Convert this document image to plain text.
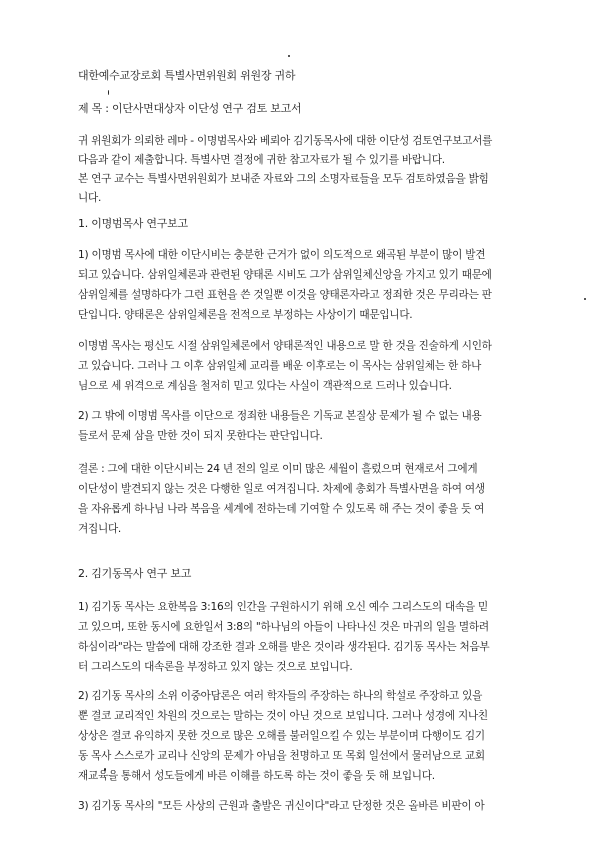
대한예수교장로회 특별사면위원회 위원장 귀하
제 목 : 이단사면대상자 이단성 연구 검토 보고서
귀 위원회가 의뢰한 레마 - 이명범목사와 베뢰아 김기동목사에 대한 이단성 검토연구보고서를
다음과 같이 제출합니다. 특별사면 결정에 귀한 참고자료가 될 수 있기를 바랍니다.
본 연구 교수는 특별사면위원회가 보내준 자료와 그의 소명자료들을 모두 검토하였음을 밝힘
니다.
1. 이명범목사 연구보고
1) 이명범 목사에 대한 이단시비는 충분한 근거가 없이 의도적으로 왜곡된 부분이 많이 발견
되고 있습니다. 삼위일체론과 관련된 양태론 시비도 그가 삼위일체신앙을 가지고 있기 때문에
삼위일체를 설명하다가 그런 표현을 쓴 것일뿐 이것을 양태론자라고 정죄한 것은 무리라는 판
단입니다. 양태론은 삼위일체론을 전적으로 부정하는 사상이기 때문입니다.
이명범 목사는 평신도 시절 삼위일체론에서 양태론적인 내용으로 말 한 것을 진술하게 시인하
고 있습니다. 그러나 그 이후 삼위일체 교리를 배운 이후로는 이 목사는 삼위일체는 한 하나
님으로 세 위격으로 계심을 철저히 믿고 있다는 사실이 객관적으로 드러나 있습니다.
2) 그 밖에 이명범 목사를 이단으로 정죄한 내용들은 기독교 본질상 문제가 될 수 없는 내용
들로서 문제 삼을 만한 것이 되지 못한다는 판단입니다.
결론 : 그에 대한 이단시비는 24 년 전의 일로 이미 많은 세월이 흘렀으며 현재로서 그에게
이단성이 발견되지 않는 것은 다행한 일로 여겨집니다. 차제에 총회가 특별사면을 하여 여생
을 자유롭게 하나님 나라 복음을 세계에 전하는데 기여할 수 있도록 해 주는 것이 좋을 듯 여
겨집니다.
2. 김기동목사 연구 보고
1) 김기동 목사는 요한복음 3:16의 인간을 구원하시기 위해 오신 예수 그리스도의 대속을 믿
고 있으며, 또한 동시에 요한일서 3:8의 "하나님의 아들이 나타나신 것은 마귀의 일을 멸하려
하심이라"라는 말씀에 대해 강조한 결과 오해를 받은 것이라 생각된다. 김기동 목사는 처음부
터 그리스도의 대속론을 부정하고 있지 않는 것으로 보입니다.
2) 김기동 목사의 소위 이중아담론은 여러 학자들의 주장하는 하나의 학설로 주장하고 있을
뿐 결코 교리적인 차원의 것으로는 말하는 것이 아닌 것으로 보입니다. 그러나 성경에 지나친
상상은 결코 유익하지 못한 것으로 많은 오해를 불러일으킬 수 있는 부분이며 다행이도 김기
동 목사 스스로가 교리나 신앙의 문제가 아님을 천명하고 또 목회 일선에서 물러남으로 교회
재교육을 통해서 성도들에게 바른 이해를 하도록 하는 것이 좋을 듯 해 보입니다.
3) 김기동 목사의 "모든 사상의 근원과 출발은 귀신이다"라고 단정한 것은 올바른 비판이 아
